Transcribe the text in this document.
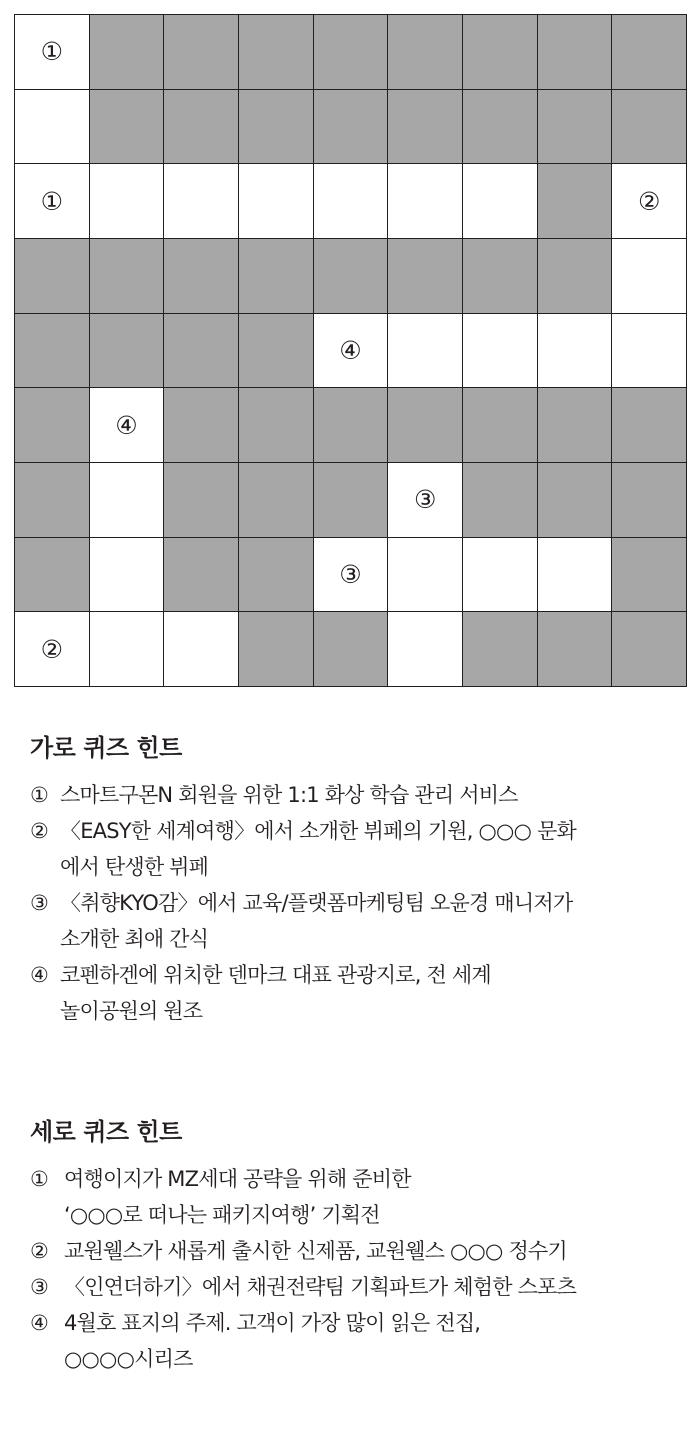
①
①	②
④
④
③
③
②
가로 퀴즈 힌트
① 스마트구몬N 회원을 위한 1:1 화상 학습 관리 서비스
② 〈EASY한 세계여행〉에서 소개한 뷔페의 기원, ○○○ 문화
에서 탄생한 뷔페
③ 〈취향KYO감〉에서 교육/플랫폼마케팅팀 오윤경 매니저가
소개한 최애 간식
④ 코펜하겐에 위치한 덴마크 대표 관광지로, 전 세계
놀이공원의 원조
세로 퀴즈 힌트
① 여행이지가 MZ세대 공략을 위해 준비한
‘○○○로 떠나는 패키지여행’ 기획전
② 교원웰스가 새롭게 출시한 신제품, 교원웰스 ○○○ 정수기
③ 〈인연더하기〉에서 채권전략팀 기획파트가 체험한 스포츠
④ 4월호 표지의 주제. 고객이 가장 많이 읽은 전집,
○○○○시리즈
